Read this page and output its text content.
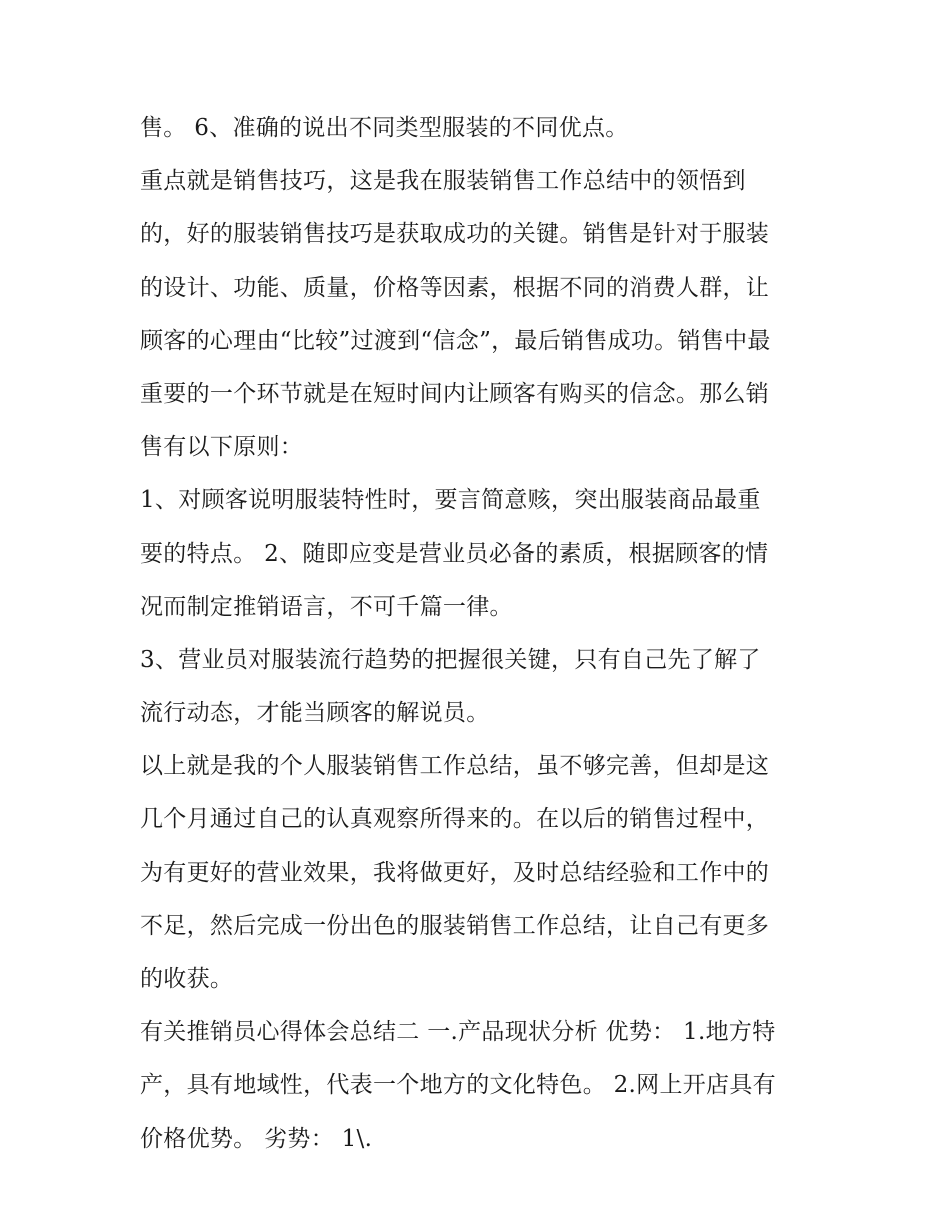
售。 6、准确的说出不同类型服装的不同优点。
重点就是销售技巧，这是我在服装销售工作总结中的领悟到
的，好的服装销售技巧是获取成功的关键。销售是针对于服装
的设计、功能、质量，价格等因素，根据不同的消费人群，让
顾客的心理由“比较”过渡到“信念”，最后销售成功。销售中最
重要的一个环节就是在短时间内让顾客有购买的信念。那么销
售有以下原则：
1、对顾客说明服装特性时，要言简意赅，突出服装商品最重
要的特点。 2、随即应变是营业员必备的素质，根据顾客的情
况而制定推销语言，不可千篇一律。
3、营业员对服装流行趋势的把握很关键，只有自己先了解了
流行动态，才能当顾客的解说员。
以上就是我的个人服装销售工作总结，虽不够完善，但却是这
几个月通过自己的认真观察所得来的。在以后的销售过程中，
为有更好的营业效果，我将做更好，及时总结经验和工作中的
不足，然后完成一份出色的服装销售工作总结，让自己有更多
的收获。
有关推销员心得体会总结二 一.产品现状分析 优势： 1.地方特
产，具有地域性，代表一个地方的文化特色。 2.网上开店具有
价格优势。 劣势： 1\.
